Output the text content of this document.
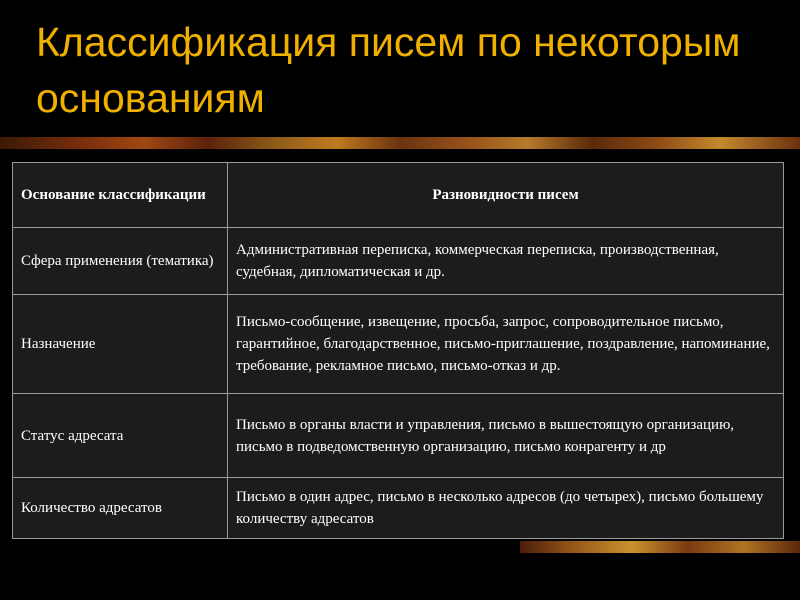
Классификация писем по некоторым основаниям
Основание классификации	Разновидности писем
Сфера применения (тематика)	Административная переписка, коммерческая переписка, производственная, судебная, дипломатическая и др.
Назначение	Письмо-сообщение, извещение, просьба, запрос, сопроводительное письмо, гарантийное, благодарственное, письмо-приглашение, поздравление, напоминание, требование, рекламное письмо, письмо-отказ и др.
Статус адресата	Письмо в органы власти и управления, письмо в вышестоящую организацию, письмо в подведомственную организацию, письмо конрагенту и др
Количество адресатов	Письмо в один адрес, письмо в несколько адресов (до четырех), письмо большему количеству адресатов
